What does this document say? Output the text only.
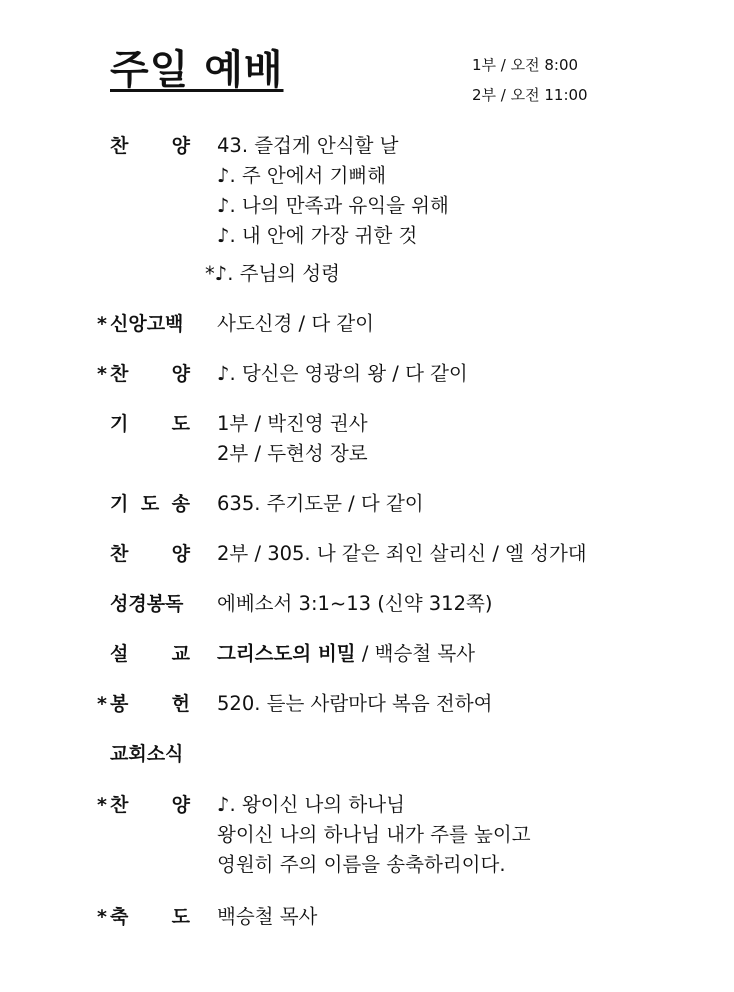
주일 예배	1부 / 오전 8:00
2부 / 오전 11:00
찬 양 43. 즐겁게 안식할 날
♪. 주 안에서 기뻐해
♪. 나의 만족과 유익을 위해
♪. 내 안에 가장 귀한 것
*♪. 주님의 성령
* 신앙고백 사도신경 / 다 같이
* 찬 양 ♪. 당신은 영광의 왕 / 다 같이
기 도 1부 / 박진영 권사
2부 / 두현성 장로
기 도 송 635. 주기도문 / 다 같이
찬 양 2부 / 305. 나 같은 죄인 살리신 / 엘 성가대
성경봉독 에베소서 3:1~13 (신약 312쪽)
설 교 그리스도의 비밀 / 백승철 목사
* 봉 헌 520. 듣는 사람마다 복음 전하여
교회소식
* 찬 양 ♪. 왕이신 나의 하나님
왕이신 나의 하나님 내가 주를 높이고
영원히 주의 이름을 송축하리이다.
* 축 도 백승철 목사
